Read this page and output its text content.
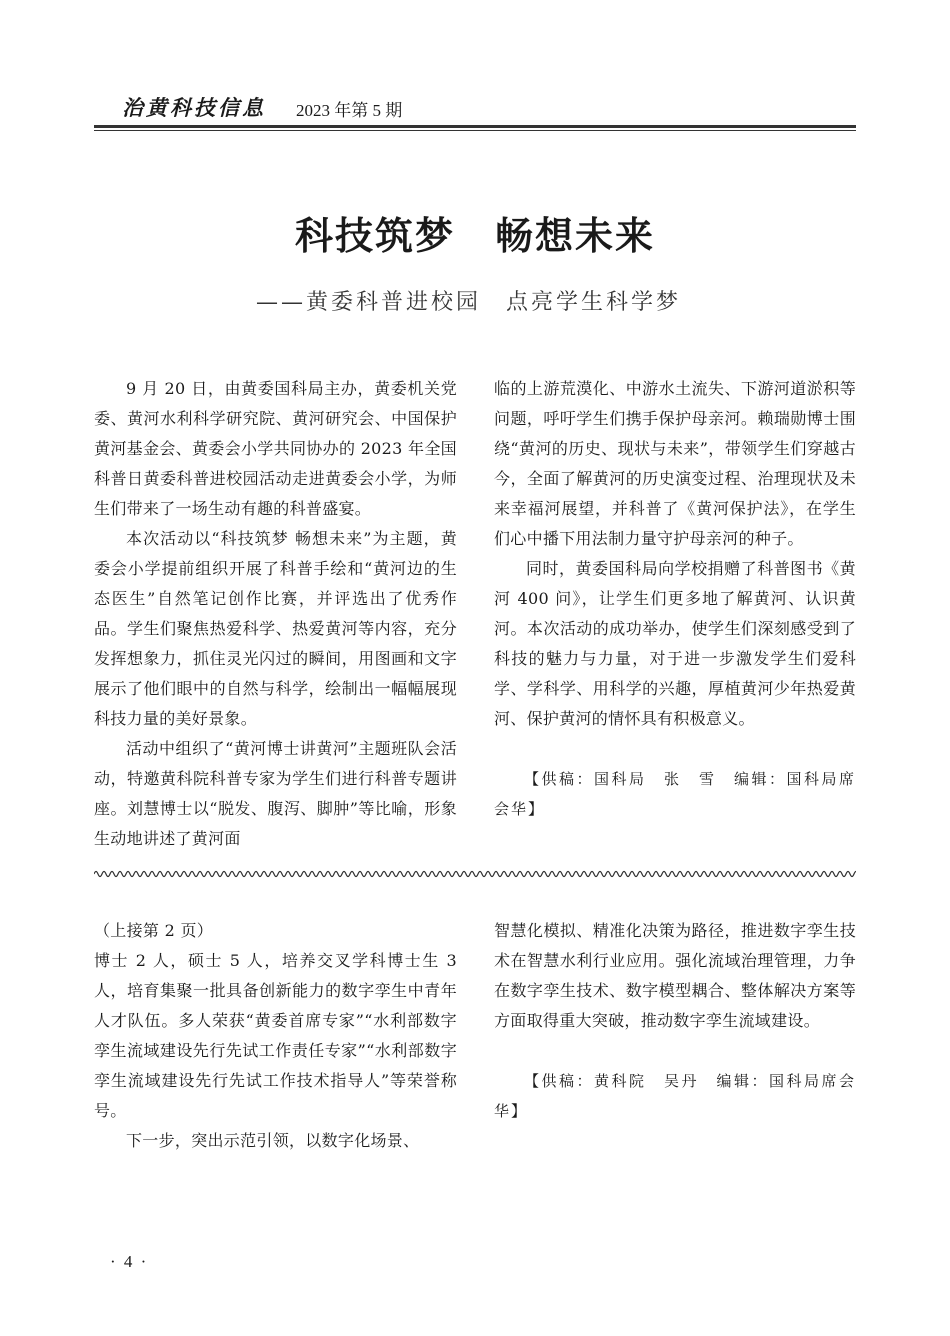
治黄科技信息 2023 年第 5 期
科技筑梦　畅想未来
——黄委科普进校园　点亮学生科学梦

9 月 20 日，由黄委国科局主办，黄委机关党委、黄河水利科学研究院、黄河研究会、中国保护黄河基金会、黄委会小学共同协办的 2023 年全国科普日黄委科普进校园活动走进黄委会小学，为师生们带来了一场生动有趣的科普盛宴。

本次活动以“科技筑梦 畅想未来”为主题，黄委会小学提前组织开展了科普手绘和“黄河边的生态医生”自然笔记创作比赛，并评选出了优秀作品。学生们聚焦热爱科学、热爱黄河等内容，充分发挥想象力，抓住灵光闪过的瞬间，用图画和文字展示了他们眼中的自然与科学，绘制出一幅幅展现科技力量的美好景象。

活动中组织了“黄河博士讲黄河”主题班队会活动，特邀黄科院科普专家为学生们进行科普专题讲座。刘慧博士以“脱发、腹泻、脚肿”等比喻，形象生动地讲述了黄河面

临的上游荒漠化、中游水土流失、下游河道淤积等问题，呼吁学生们携手保护母亲河。赖瑞勋博士围绕“黄河的历史、现状与未来”，带领学生们穿越古今，全面了解黄河的历史演变过程、治理现状及未来幸福河展望，并科普了《黄河保护法》，在学生们心中播下用法制力量守护母亲河的种子。

同时，黄委国科局向学校捐赠了科普图书《黄河 400 问》，让学生们更多地了解黄河、认识黄河。本次活动的成功举办，使学生们深刻感受到了科技的魅力与力量，对于进一步激发学生们爱科学、学科学、用科学的兴趣，厚植黄河少年热爱黄河、保护黄河的情怀具有积极意义。

【供稿：国科局　张　雪　编辑：国科局席会华】

（上接第 2 页）

博士 2 人，硕士 5 人，培养交叉学科博士生 3 人，培育集聚一批具备创新能力的数字孪生中青年人才队伍。多人荣获“黄委首席专家”“水利部数字孪生流域建设先行先试工作责任专家”“水利部数字孪生流域建设先行先试工作技术指导人”等荣誉称号。

下一步，突出示范引领，以数字化场景、

智慧化模拟、精准化决策为路径，推进数字孪生技术在智慧水利行业应用。强化流域治理管理，力争在数字孪生技术、数字模型耦合、整体解决方案等方面取得重大突破，推动数字孪生流域建设。

【供稿：黄科院　吴丹　编辑：国科局席会华】
· 4 ·
